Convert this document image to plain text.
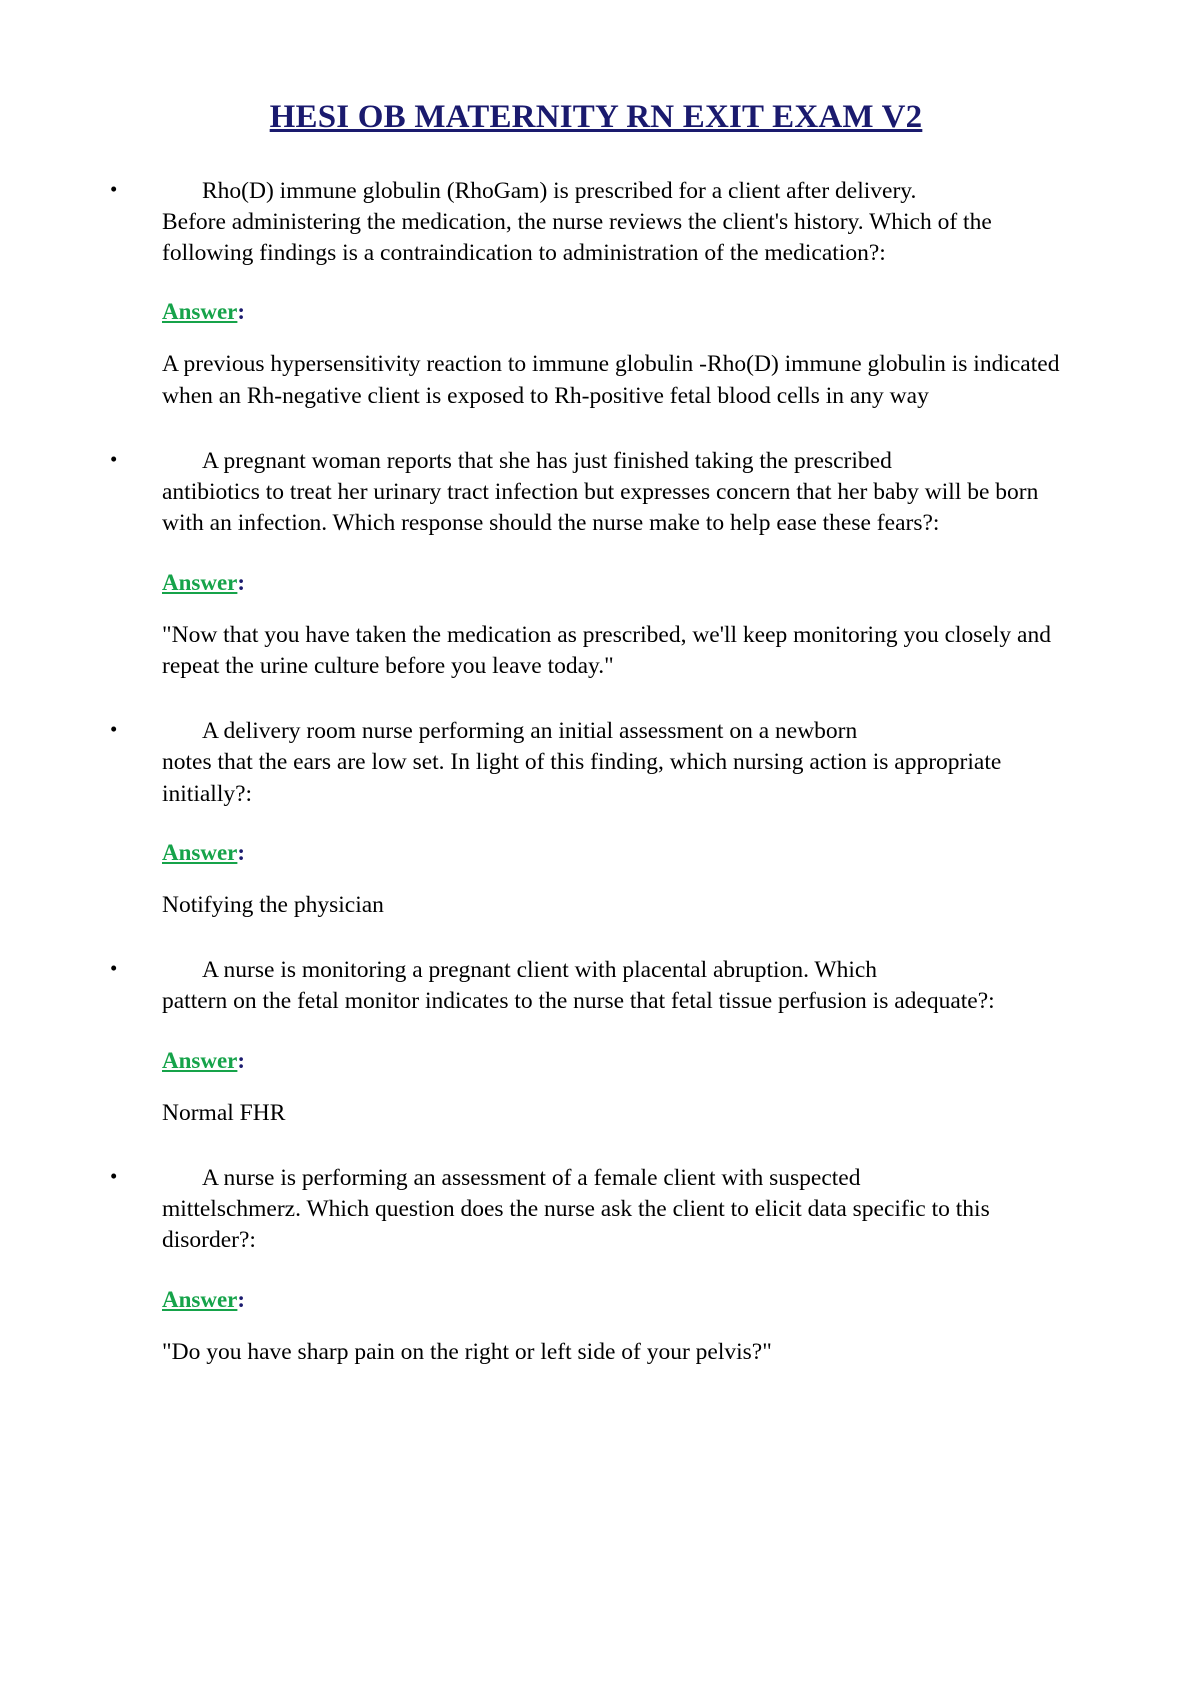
HESI OB MATERNITY RN EXIT EXAM V2
•	Rho(D) immune globulin (RhoGam) is prescribed for a client after delivery.
Before administering the medication, the nurse reviews the client's history. Which of the following findings is a contraindication to administration of the medication?:
Answer:
A previous hypersensitivity reaction to immune globulin -Rho(D) immune globulin is indicated when an Rh-negative client is exposed to Rh-positive fetal blood cells in any way
•	A pregnant woman reports that she has just finished taking the prescribed
antibiotics to treat her urinary tract infection but expresses concern that her baby will be born with an infection. Which response should the nurse make to help ease these fears?:
Answer:
"Now that you have taken the medication as prescribed, we'll keep monitoring you closely and repeat the urine culture before you leave today."
•	A delivery room nurse performing an initial assessment on a newborn
notes that the ears are low set. In light of this finding, which nursing action is appropriate initially?:
Answer:
Notifying the physician
•	A nurse is monitoring a pregnant client with placental abruption. Which
pattern on the fetal monitor indicates to the nurse that fetal tissue perfusion is adequate?:
Answer:
Normal FHR
•	A nurse is performing an assessment of a female client with suspected
mittelschmerz. Which question does the nurse ask the client to elicit data specific to this disorder?:
Answer:
"Do you have sharp pain on the right or left side of your pelvis?"
